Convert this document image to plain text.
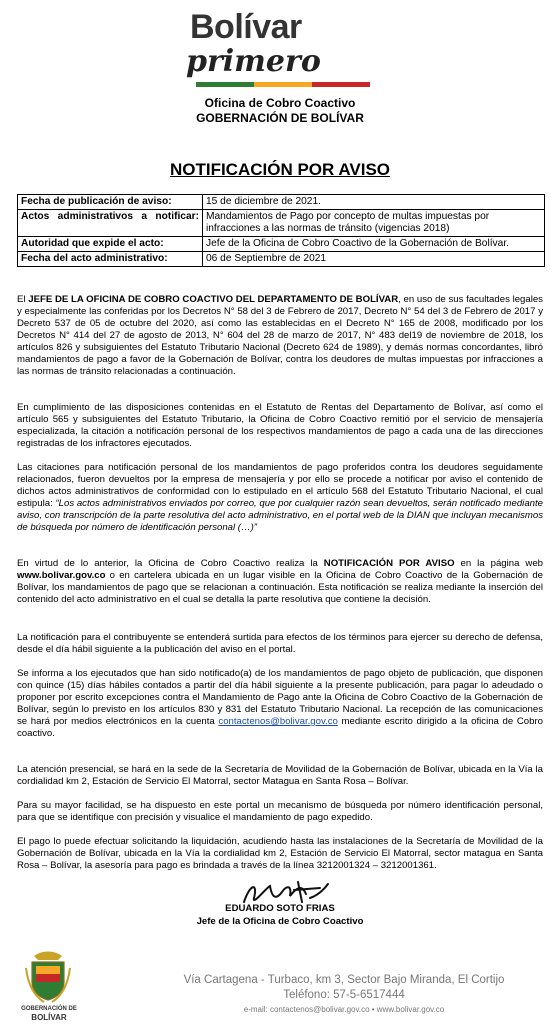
Bolívar
primero
Oficina de Cobro Coactivo
GOBERNACIÓN DE BOLÍVAR
NOTIFICACIÓN POR AVISO
Fecha de publicación de aviso:	15 de diciembre de 2021.
Actos administrativos a notificar:	Mandamientos de Pago por concepto de multas impuestas por infracciones a las normas de tránsito (vigencias 2018)
Autoridad que expide el acto:	Jefe de la Oficina de Cobro Coactivo de la Gobernación de Bolívar.
Fecha del acto administrativo:	06 de Septiembre de 2021
El JEFE DE LA OFICINA DE COBRO COACTIVO DEL DEPARTAMENTO DE BOLÍVAR, en uso de sus facultades legales y especialmente las conferidas por los Decretos N° 58 del 3 de Febrero de 2017, Decreto N° 54 del 3 de Febrero de 2017 y Decreto 537 de 05 de octubre del 2020, así como las establecidas en el Decreto N° 165 de 2008, modificado por los Decretos N° 414 del 27 de agosto de 2013, N° 604 del 28 de marzo de 2017, N° 483 del19 de noviembre de 2018, los artículos 826 y subsiguientes del Estatuto Tributario Nacional (Decreto 624 de 1989), y demás normas concordantes, libró mandamientos de pago a favor de la Gobernación de Bolívar, contra los deudores de multas impuestas por infracciones a las normas de tránsito relacionadas a continuación.
En cumplimiento de las disposiciones contenidas en el Estatuto de Rentas del Departamento de Bolívar, así como el artículo 565 y subsiguientes del Estatuto Tributario, la Oficina de Cobro Coactivo remitió por el servicio de mensajería especializada, la citación a notificación personal de los respectivos mandamientos de pago a cada una de las direcciones registradas de los infractores ejecutados.
Las citaciones para notificación personal de los mandamientos de pago proferidos contra los deudores seguidamente relacionados, fueron devueltos por la empresa de mensajería y por ello se procede a notificar por aviso el contenido de dichos actos administrativos de conformidad con lo estipulado en el artículo 568 del Estatuto Tributario Nacional, el cual estipula: “Los actos administrativos enviados por correo, que por cualquier razón sean devueltos, serán notificado mediante aviso, con transcripción de la parte resolutiva del acto administrativo, en el portal web de la DIAN que incluyan mecanismos de búsqueda por número de identificación personal (…)”
En virtud de lo anterior, la Oficina de Cobro Coactivo realiza la NOTIFICACIÓN POR AVISO en la página web www.bolivar.gov.co o en cartelera ubicada en un lugar visible en la Oficina de Cobro Coactivo de la Gobernación de Bolívar, los mandamientos de pago que se relacionan a continuación. Esta notificación se realiza mediante la inserción del contenido del acto administrativo en el cual se detalla la parte resolutiva que contiene la decisión.
La notificación para el contribuyente se entenderá surtida para efectos de los términos para ejercer su derecho de defensa, desde el día hábil siguiente a la publicación del aviso en el portal.
Se informa a los ejecutados que han sido notificado(a) de los mandamientos de pago objeto de publicación, que disponen con quince (15) días hábiles contados a partir del día hábil siguiente a la presente publicación, para pagar lo adeudado o proponer por escrito excepciones contra el Mandamiento de Pago ante la Oficina de Cobro Coactivo de la Gobernación de Bolívar, según lo previsto en los artículos 830 y 831 del Estatuto Tributario Nacional. La recepción de las comunicaciones se hará por medios electrónicos en la cuenta contactenos@bolivar.gov.co mediante escrito dirigido a la oficina de Cobro coactivo.
La atención presencial, se hará en la sede de la Secretaría de Movilidad de la Gobernación de Bolívar, ubicada en la Vía la cordialidad km 2, Estación de Servicio El Matorral, sector Matagua en Santa Rosa – Bolívar.
Para su mayor facilidad, se ha dispuesto en este portal un mecanismo de búsqueda por número identificación personal, para que se identifique con precisión y visualice el mandamiento de pago expedido.
El pago lo puede efectuar solicitando la liquidación, acudiendo hasta las instalaciones de la Secretaría de Movilidad de la Gobernación de Bolívar, ubicada en la Vía la cordialidad km 2, Estación de Servicio El Matorral, sector matagua en Santa Rosa – Bolívar, la asesoría para pago es brindada a través de la línea 3212001324 – 3212001361.
EDUARDO SOTO FRIAS
Jefe de la Oficina de Cobro Coactivo
GOBERNACIÓN DE
BOLÍVAR
Vía Cartagena - Turbaco, km 3, Sector Bajo Miranda, El Cortijo
Teléfono: 57-5-6517444
e-mail: contactenos@bolivar.gov.co • www.bolivar.gov.co
